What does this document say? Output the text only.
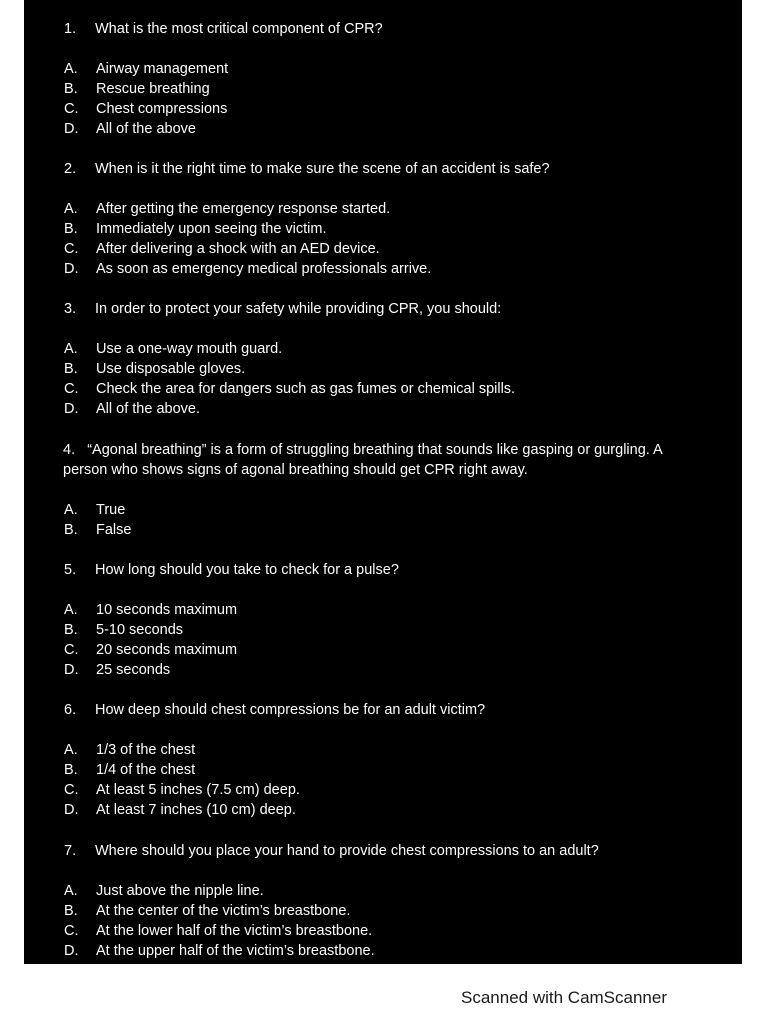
1. What is the most critical component of CPR?
A. Airway management
B. Rescue breathing
C. Chest compressions
D. All of the above
2. When is it the right time to make sure the scene of an accident is safe?
A. After getting the emergency response started.
B. Immediately upon seeing the victim.
C. After delivering a shock with an AED device.
D. As soon as emergency medical professionals arrive.
3. In order to protect your safety while providing CPR, you should:
A. Use a one-way mouth guard.
B. Use disposable gloves.
C. Check the area for dangers such as gas fumes or chemical spills.
D. All of the above.
4. “Agonal breathing” is a form of struggling breathing that sounds like gasping or gurgling. A person who shows signs of agonal breathing should get CPR right away.
A. True
B. False
5. How long should you take to check for a pulse?
A. 10 seconds maximum
B. 5-10 seconds
C. 20 seconds maximum
D. 25 seconds
6. How deep should chest compressions be for an adult victim?
A. 1/3 of the chest
B. 1/4 of the chest
C. At least 5 inches (7.5 cm) deep.
D. At least 7 inches (10 cm) deep.
7. Where should you place your hand to provide chest compressions to an adult?
A. Just above the nipple line.
B. At the center of the victim’s breastbone.
C. At the lower half of the victim’s breastbone.
D. At the upper half of the victim’s breastbone.
Scanned with CamScanner
